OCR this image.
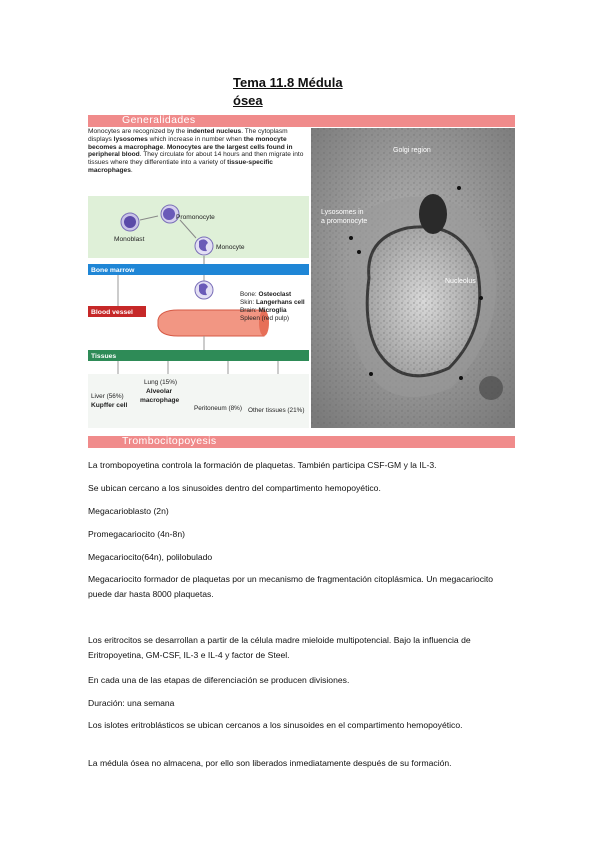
Tema 11.8 Médula
ósea
Generalidades
Monocytes are recognized by the indented nucleus. The cytoplasm displays lysosomes which increase in number when the monocyte becomes a macrophage. Monocytes are the largest cells found in peripheral blood. They circulate for about 14 hours and then migrate into tissues where they differentiate into a variety of tissue-specific macrophages.
Promonocyte
Monoblast
Monocyte
Bone marrow
Blood vessel
Tissues
Bone: Osteoclast
Skin: Langerhans cell
Brain: Microglia
Spleen (red pulp)
Liver (56%)
Kupffer cell
Lung (15%)
Alveolar
macrophage
Peritoneum (8%) Other tissues (21%)
Golgi region
Lysosomes in
a promonocyte
Nucleolus
Trombocitopoyesis
La trombopoyetina controla la formación de plaquetas. También participa CSF-GM y la IL-3.
Se ubican cercano a los sinusoides dentro del compartimento hemopoyético.
Megacarioblasto (2n)
Promegacariocito (4n-8n)
Megacariocito(64n), polilobulado
Megacariocito formador de plaquetas por un mecanismo de fragmentación citoplásmica. Un megacariocito puede dar hasta 8000 plaquetas.
Los eritrocitos se desarrollan a partir de la célula madre mieloide multipotencial. Bajo la influencia de Eritropoyetina, GM-CSF, IL-3 e IL-4 y factor de Steel.
En cada una de las etapas de diferenciación se producen divisiones.
Duración: una semana
Los islotes eritroblásticos se ubican cercanos a los sinusoides en el compartimento hemopoyético.
La médula ósea no almacena, por ello son liberados inmediatamente después de su formación.
